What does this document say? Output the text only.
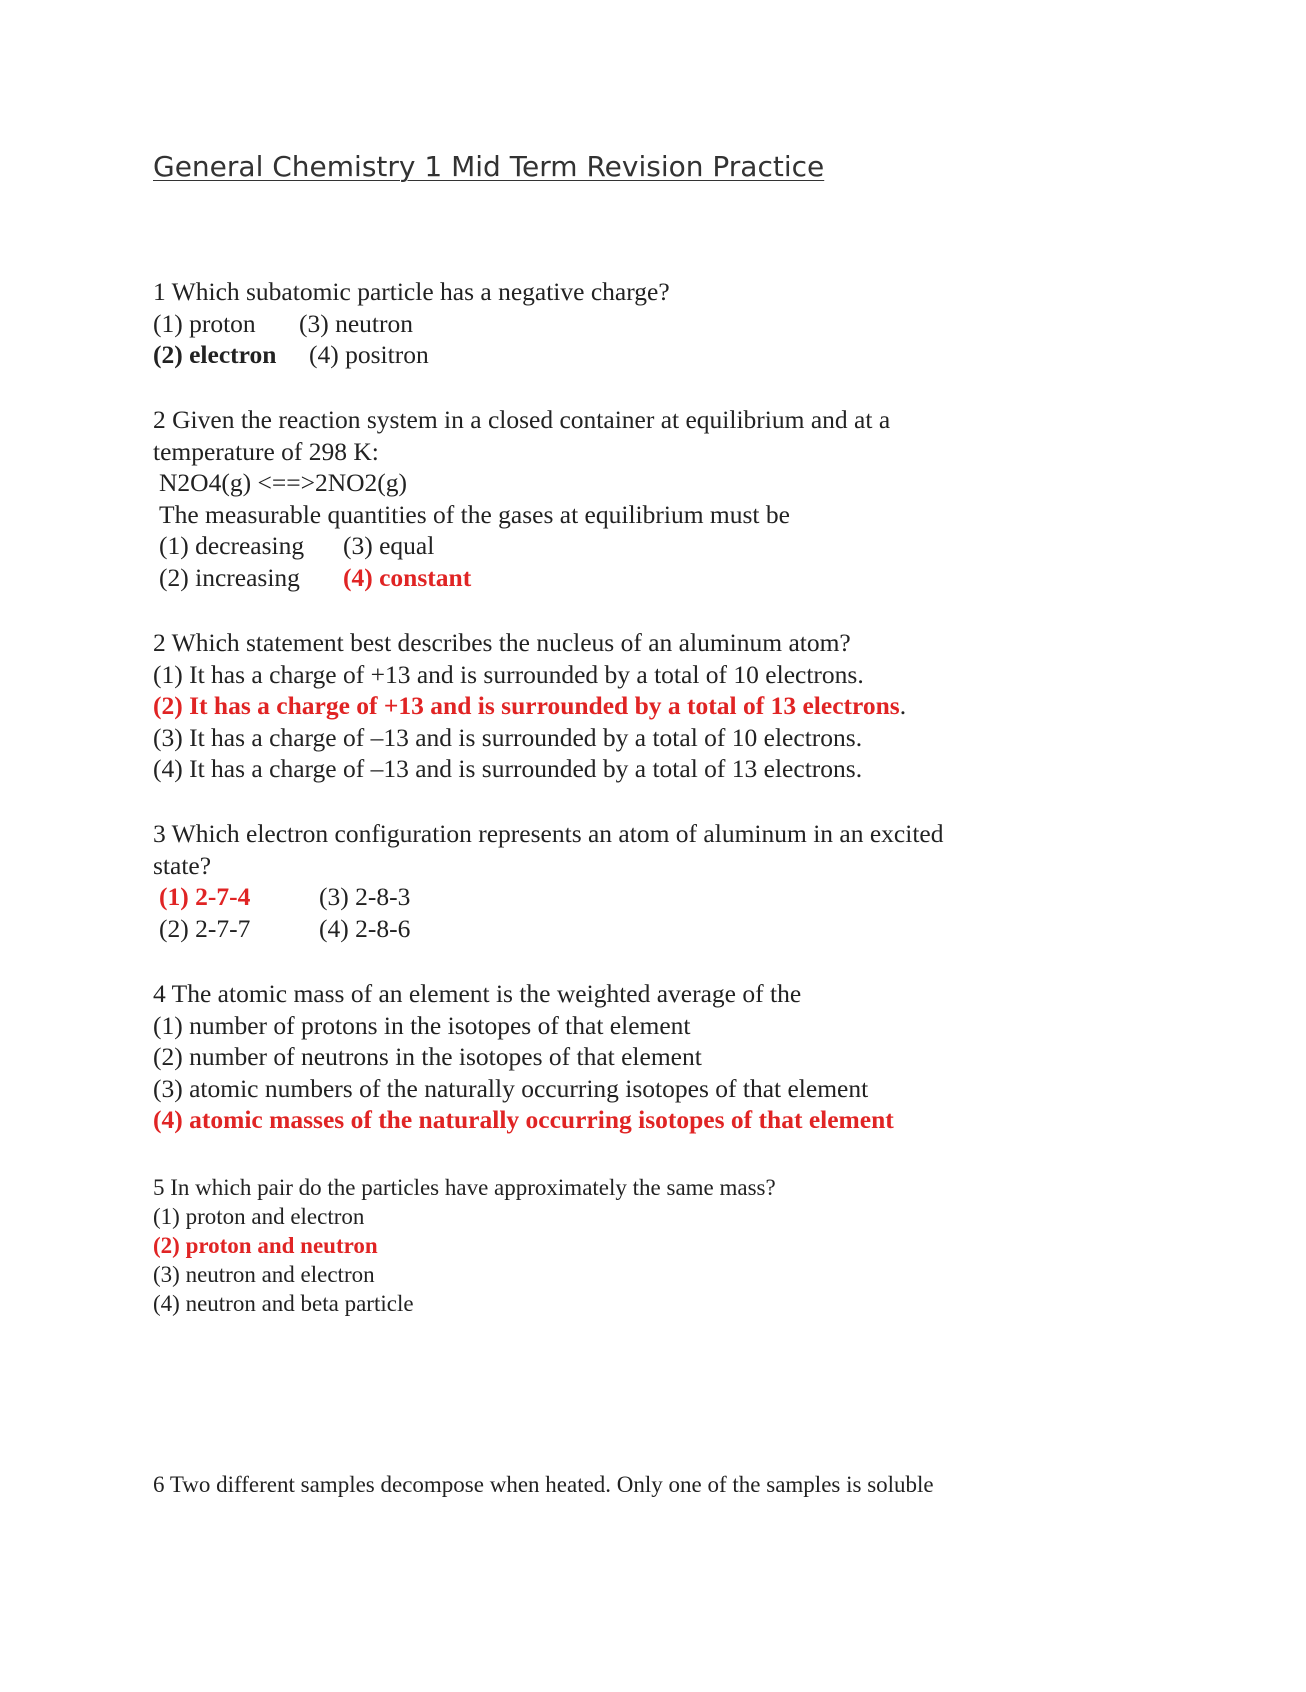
General Chemistry 1 Mid Term Revision Practice
1 Which subatomic particle has a negative charge?
(1) proton (3) neutron
(2) electron (4) positron
2 Given the reaction system in a closed container at equilibrium and at a
temperature of 298 K:
N2O4(g) <==>2NO2(g)
The measurable quantities of the gases at equilibrium must be
(1) decreasing (3) equal
(2) increasing (4) constant
2 Which statement best describes the nucleus of an aluminum atom?
(1) It has a charge of +13 and is surrounded by a total of 10 electrons.
(2) It has a charge of +13 and is surrounded by a total of 13 electrons.
(3) It has a charge of –13 and is surrounded by a total of 10 electrons.
(4) It has a charge of –13 and is surrounded by a total of 13 electrons.
3 Which electron configuration represents an atom of aluminum in an excited
state?
(1) 2-7-4	(3) 2-8-3
(2) 2-7-7	(4) 2-8-6
4 The atomic mass of an element is the weighted average of the
(1) number of protons in the isotopes of that element
(2) number of neutrons in the isotopes of that element
(3) atomic numbers of the naturally occurring isotopes of that element
(4) atomic masses of the naturally occurring isotopes of that element
5 In which pair do the particles have approximately the same mass?
(1) proton and electron
(2) proton and neutron
(3) neutron and electron
(4) neutron and beta particle
6 Two different samples decompose when heated. Only one of the samples is soluble
